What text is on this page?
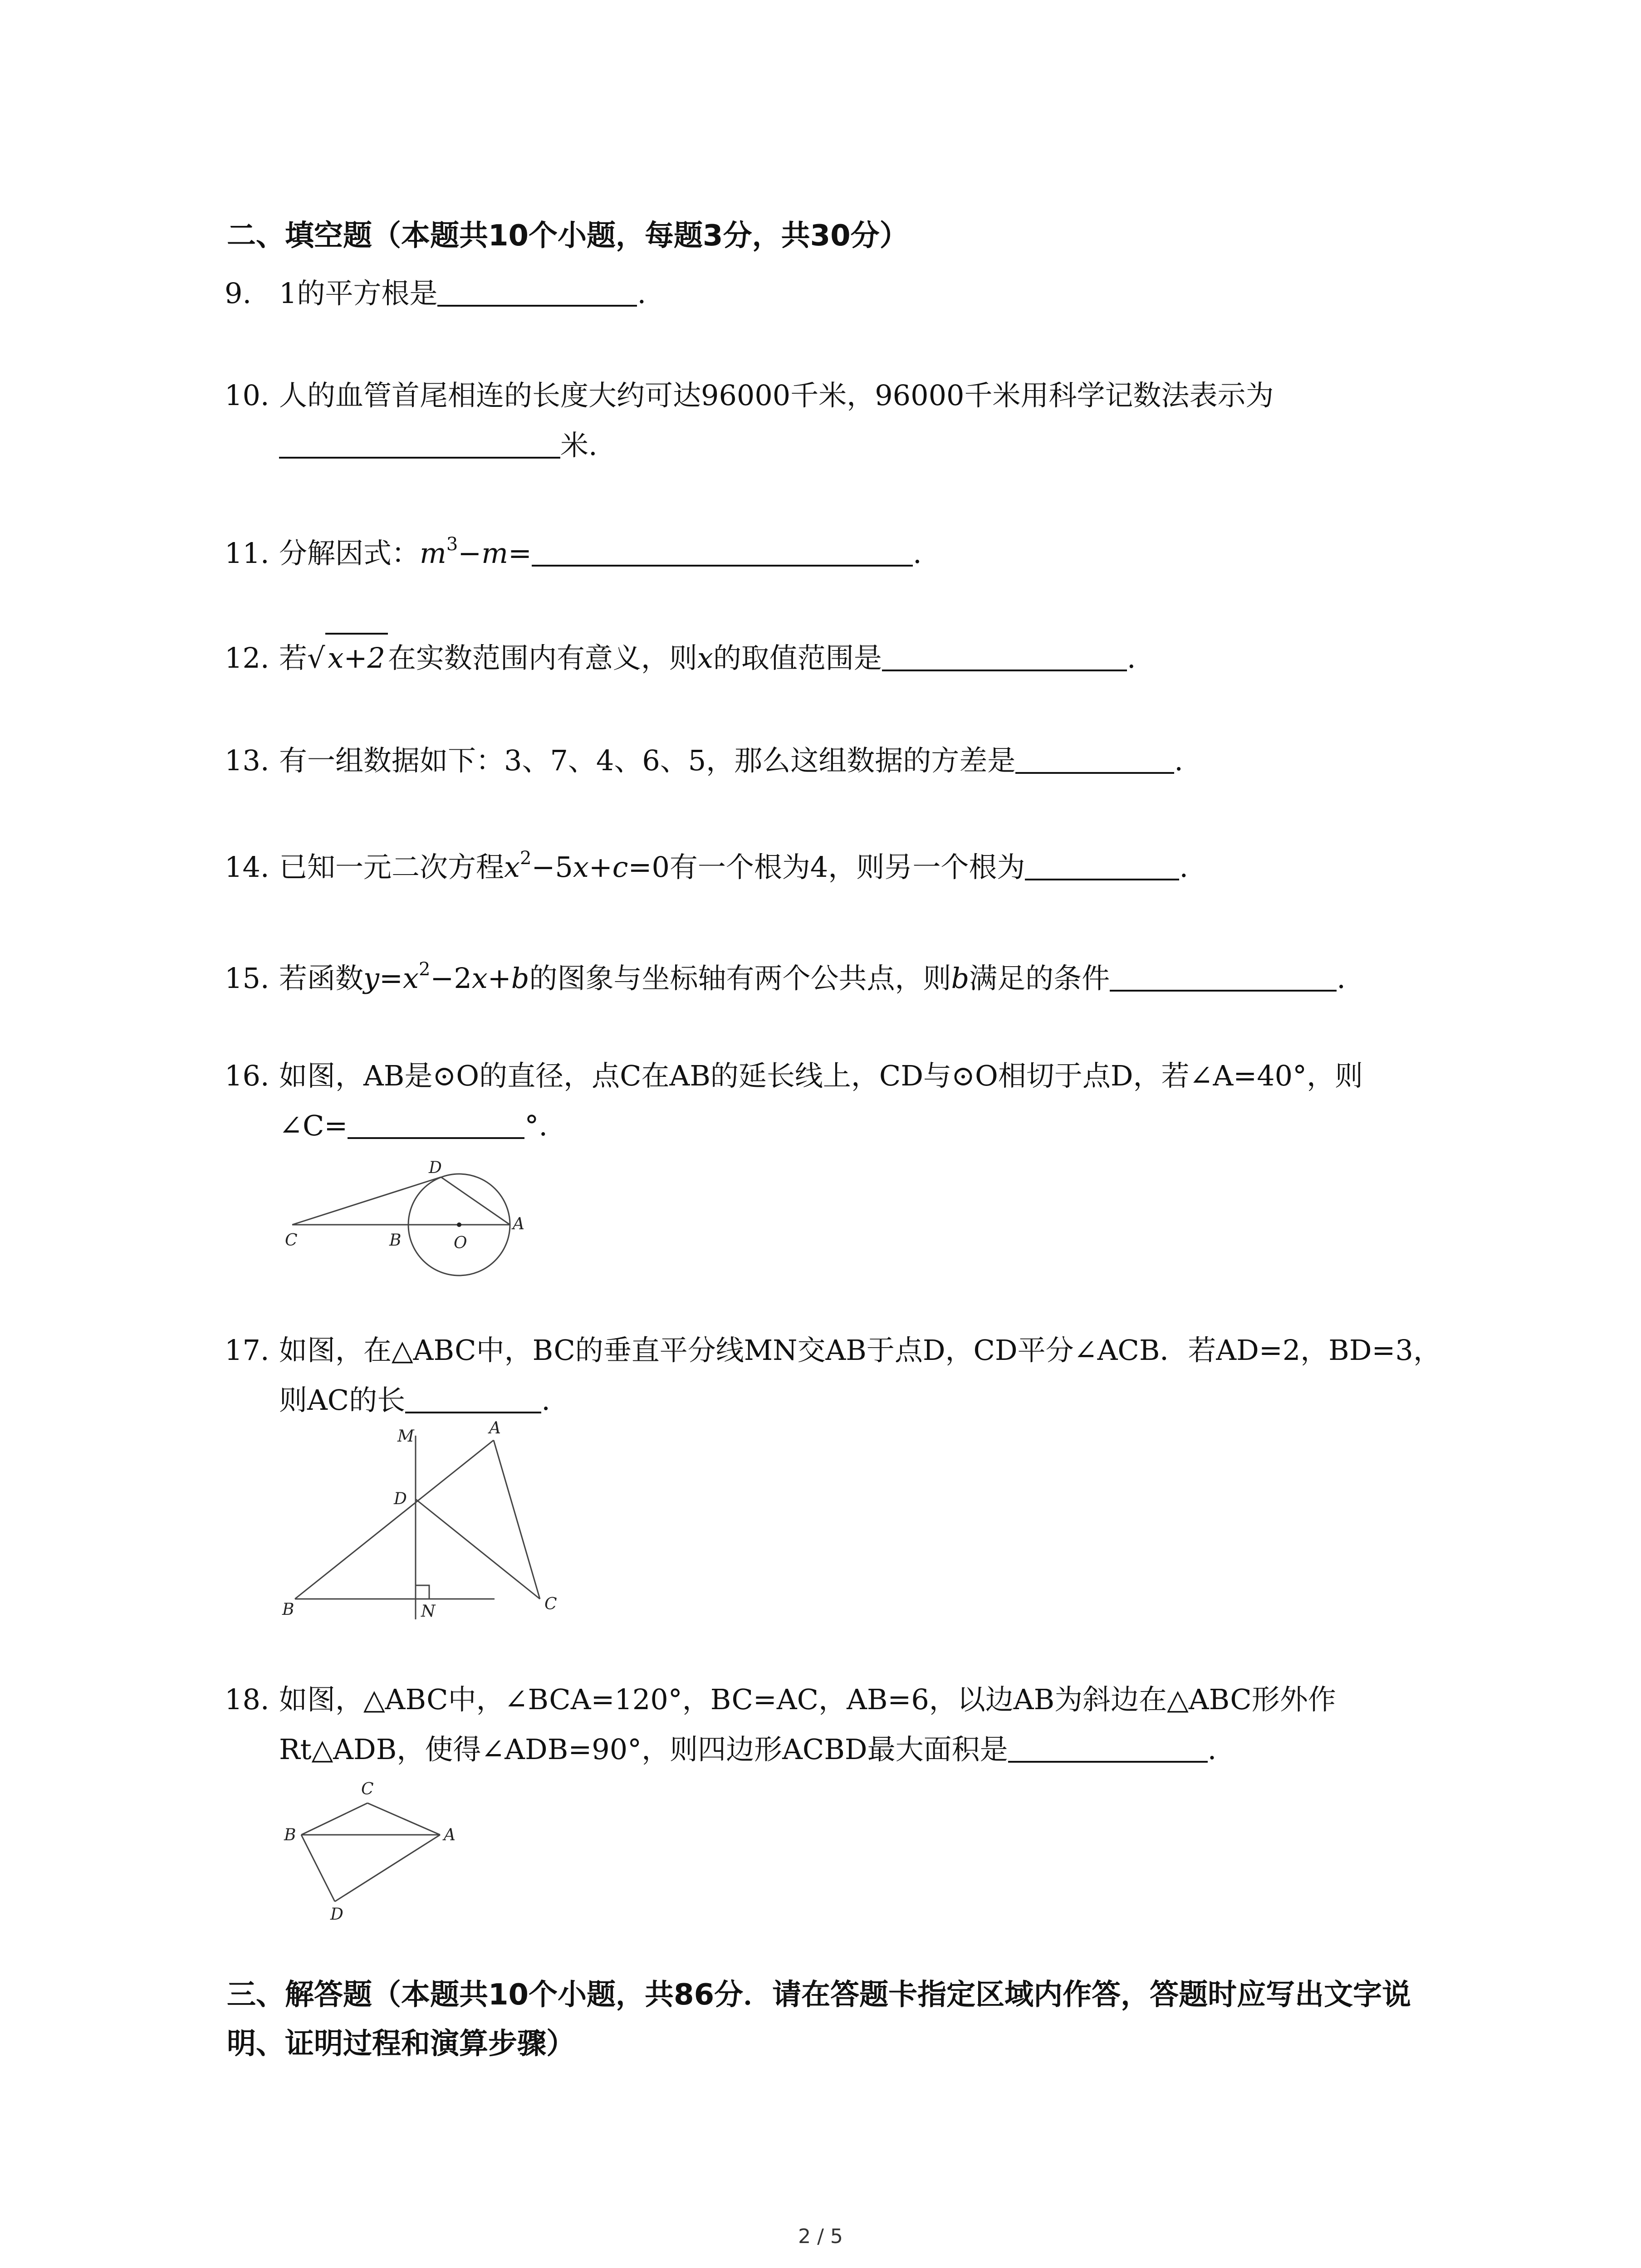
二、填空题（本题共10个小题，每题3分，共30分）
9. 1的平方根是	.
10. 人的血管首尾相连的长度大约可达96000千米，96000千米用科学记数法表示为
米.
11. 分解因式：$m^3-m=$	.
12. 若√x+2在实数范围内有意义，则x的取值范围是	.
13. 有一组数据如下：3、7、4、6、5，那么这组数据的方差是	.
14. 已知一元二次方程$x^2-5x+c=0$有一个根为4，则另一个根为	.
15. 若函数$y=x^2-2x+b$的图象与坐标轴有两个公共点，则b满足的条件	.
16. 如图，AB是⊙O的直径，点C在AB的延长线上，CD与⊙O相切于点D，若∠A=40°，则
∠C=	°.
C	B	O
A
D
17. 如图，在△ABC中，BC的垂直平分线MN交AB于点D，CD平分∠ACB．若AD=2，BD=3，
则AC的长	.
M	A
D
B	N	C
18. 如图，△ABC中，∠BCA=120°，BC=AC，AB=6，以边AB为斜边在△ABC形外作
Rt△ADB，使得∠ADB=90°，则四边形ACBD最大面积是	.
C
B	A
D
三、解答题（本题共10个小题，共86分．请在答题卡指定区域内作答，答题时应写出文字说
明、证明过程和演算步骤）
2 / 5
